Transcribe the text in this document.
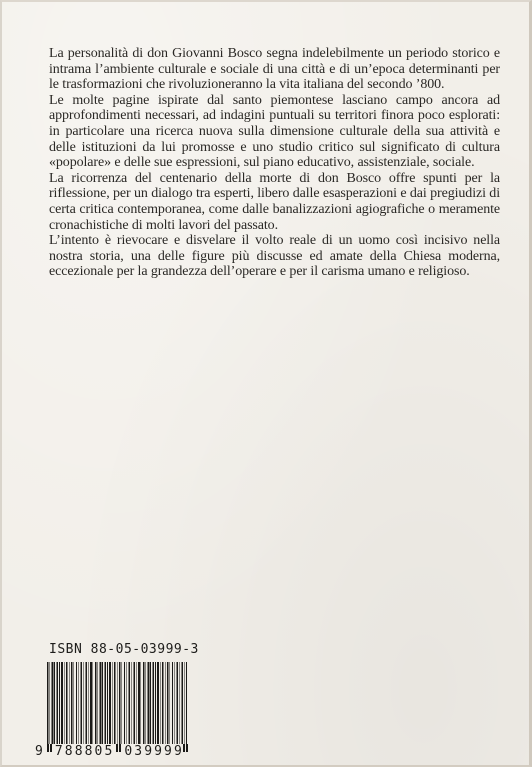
La personalità di don Giovanni Bosco segna indelebilmente un periodo storico e intrama l’ambiente culturale e sociale di una città e di un’epoca determinanti per le trasformazioni che rivoluzioneranno la vita italiana del secondo ’800.

Le molte pagine ispirate dal santo piemontese lasciano campo ancora ad approfondimenti necessari, ad indagini puntuali su territori finora poco esplorati: in particolare una ricerca nuova sulla dimensione culturale della sua attività e delle istituzioni da lui promosse e uno studio critico sul significato di cultura «popolare» e delle sue espressioni, sul piano educativo, assistenziale, sociale.

La ricorrenza del centenario della morte di don Bosco offre spunti per la riflessione, per un dialogo tra esperti, libero dalle esasperazioni e dai pregiudizi di certa critica contemporanea, come dalle banalizzazioni agiografiche o meramente cronachistiche di molti lavori del passato.

L’intento è rievocare e disvelare il volto reale di un uomo così incisivo nella nostra storia, una delle figure più discusse ed amate della Chiesa moderna, eccezionale per la grandezza dell’operare e per il carisma umano e religioso.

ISBN 88-05-03999-3
9 788805 039999
